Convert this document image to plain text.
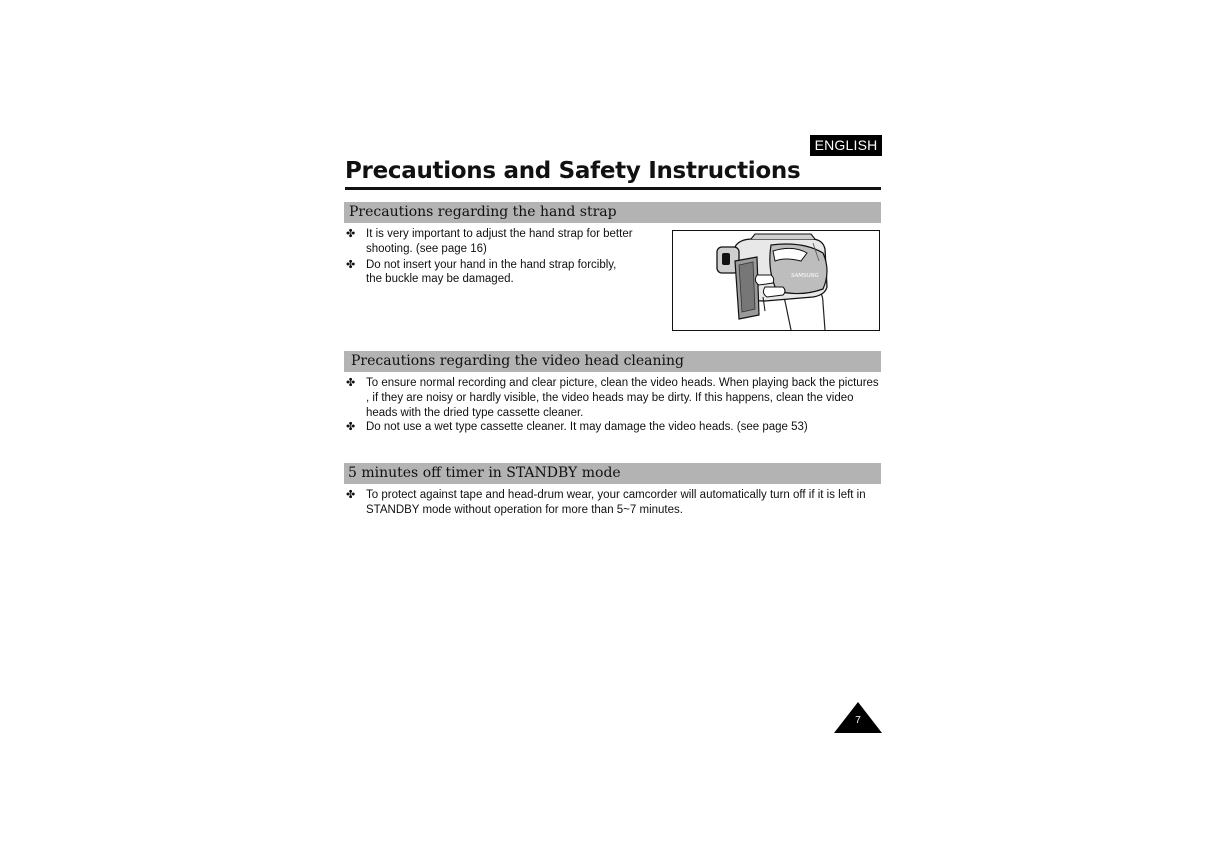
ENGLISH
Precautions and Safety Instructions
Precautions regarding the hand strap
✤ It is very important to adjust the hand strap for better shooting. (see page 16)
✤ Do not insert your hand in the hand strap forcibly, the buckle may be damaged.	SAMSUNG
Precautions regarding the video head cleaning
✤ To ensure normal recording and clear picture, clean the video heads. When playing back the pictures , if they are noisy or hardly visible, the video heads may be dirty. If this happens, clean the video heads with the dried type cassette cleaner.
✤ Do not use a wet type cassette cleaner. It may damage the video heads. (see page 53)
5 minutes off timer in STANDBY mode
✤ To protect against tape and head-drum wear, your camcorder will automatically turn off if it is left in STANDBY mode without operation for more than 5~7 minutes.
7
